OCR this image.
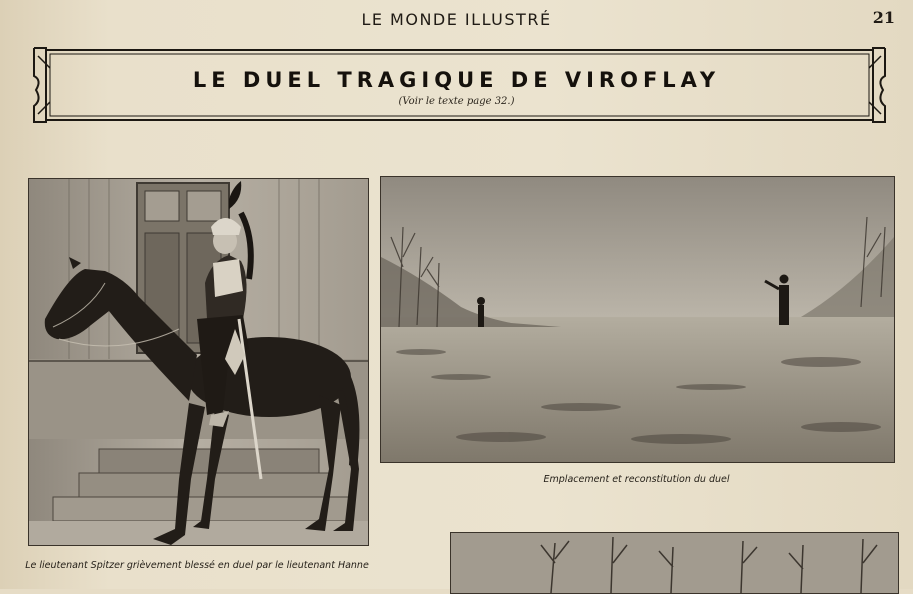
LE MONDE ILLUSTRÉ	21
LE DUEL TRAGIQUE DE VIROFLAY
(Voir le texte page 32.)
Emplacement et reconstitution du duel
Le lieutenant Spitzer grièvement blessé en duel par le lieutenant Hanne
